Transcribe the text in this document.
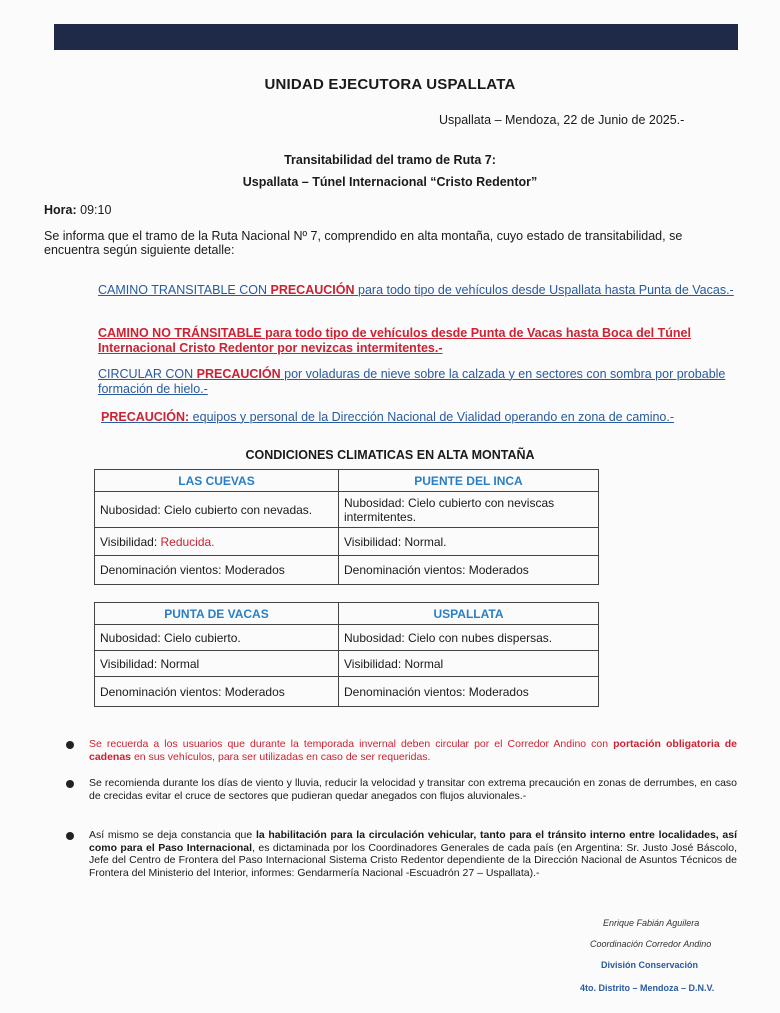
UNIDAD EJECUTORA USPALLATA
Uspallata – Mendoza, 22 de Junio de 2025.-
Transitabilidad del tramo de Ruta 7:
Uspallata – Túnel Internacional “Cristo Redentor”
Hora: 09:10
Se informa que el tramo de la Ruta Nacional Nº 7, comprendido en alta montaña, cuyo estado de transitabilidad, se encuentra según siguiente detalle:
CAMINO TRANSITABLE CON PRECAUCIÓN para todo tipo de vehículos desde Uspallata hasta Punta de Vacas.-
CAMINO NO TRÁNSITABLE para todo tipo de vehículos desde Punta de Vacas hasta Boca del Túnel Internacional Cristo Redentor por nevizcas intermitentes.-
CIRCULAR CON PRECAUCIÓN por voladuras de nieve sobre la calzada y en sectores con sombra por probable formación de hielo.-
PRECAUCIÓN: equipos y personal de la Dirección Nacional de Vialidad operando en zona de camino.-
CONDICIONES CLIMATICAS EN ALTA MONTAÑA
LAS CUEVAS	PUENTE DEL INCA
Nubosidad: Cielo cubierto con nevadas.	Nubosidad: Cielo cubierto con neviscas intermitentes.
Visibilidad: Reducida.	Visibilidad: Normal.
Denominación vientos: Moderados	Denominación vientos: Moderados
PUNTA DE VACAS	USPALLATA
Nubosidad: Cielo cubierto.	Nubosidad: Cielo con nubes dispersas.
Visibilidad: Normal	Visibilidad: Normal
Denominación vientos: Moderados	Denominación vientos: Moderados
Se recuerda a los usuarios que durante la temporada invernal deben circular por el Corredor Andino con portación obligatoria de cadenas en sus vehículos, para ser utilizadas en caso de ser requeridas.
Se recomienda durante los días de viento y lluvia, reducir la velocidad y transitar con extrema precaución en zonas de derrumbes, en caso de crecidas evitar el cruce de sectores que pudieran quedar anegados con flujos aluvionales.-
Así mismo se deja constancia que la habilitación para la circulación vehicular, tanto para el tránsito interno entre localidades, así como para el Paso Internacional, es dictaminada por los Coordinadores Generales de cada país (en Argentina: Sr. Justo José Báscolo, Jefe del Centro de Frontera del Paso Internacional Sistema Cristo Redentor dependiente de la Dirección Nacional de Asuntos Técnicos de Frontera del Ministerio del Interior, informes: Gendarmería Nacional -Escuadrón 27 – Uspallata).-
Enrique Fabián Aguilera
Coordinación Corredor Andino
División Conservación
4to. Distrito – Mendoza – D.N.V.
